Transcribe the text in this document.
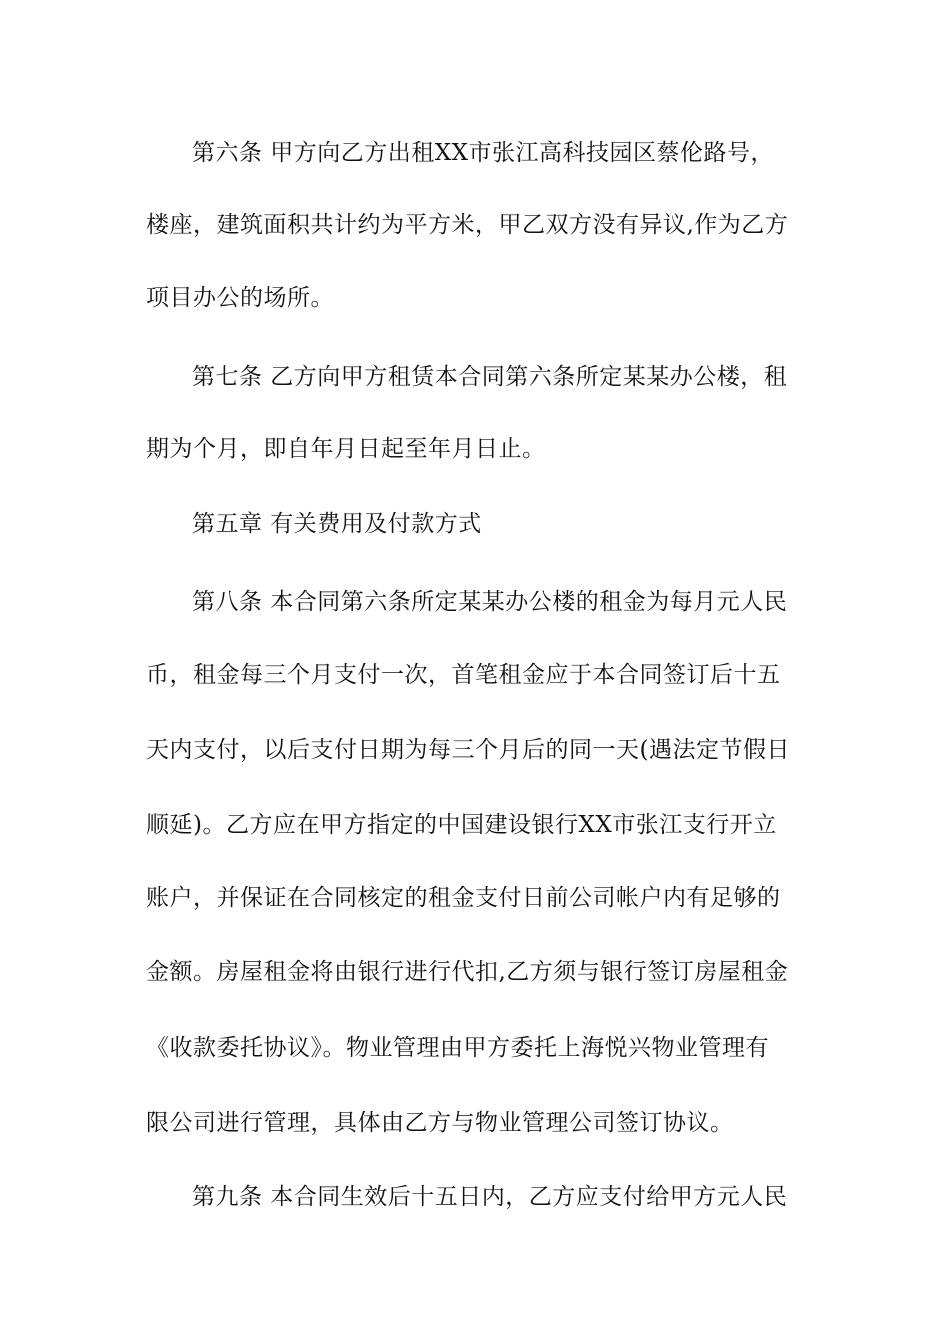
第六条 甲方向乙方出租XX市张江高科技园区蔡伦路号，
楼座，建筑面积共计约为平方米，甲乙双方没有异议,作为乙方
项目办公的场所。
第七条 乙方向甲方租赁本合同第六条所定某某办公楼，租
期为个月，即自年月日起至年月日止。
第五章 有关费用及付款方式
第八条 本合同第六条所定某某办公楼的租金为每月元人民
币，租金每三个月支付一次，首笔租金应于本合同签订后十五
天内支付，以后支付日期为每三个月后的同一天(遇法定节假日
顺延)。乙方应在甲方指定的中国建设银行XX市张江支行开立
账户，并保证在合同核定的租金支付日前公司帐户内有足够的
金额。房屋租金将由银行进行代扣,乙方须与银行签订房屋租金
《收款委托协议》。物业管理由甲方委托上海悦兴物业管理有
限公司进行管理，具体由乙方与物业管理公司签订协议。
第九条 本合同生效后十五日内，乙方应支付给甲方元人民
